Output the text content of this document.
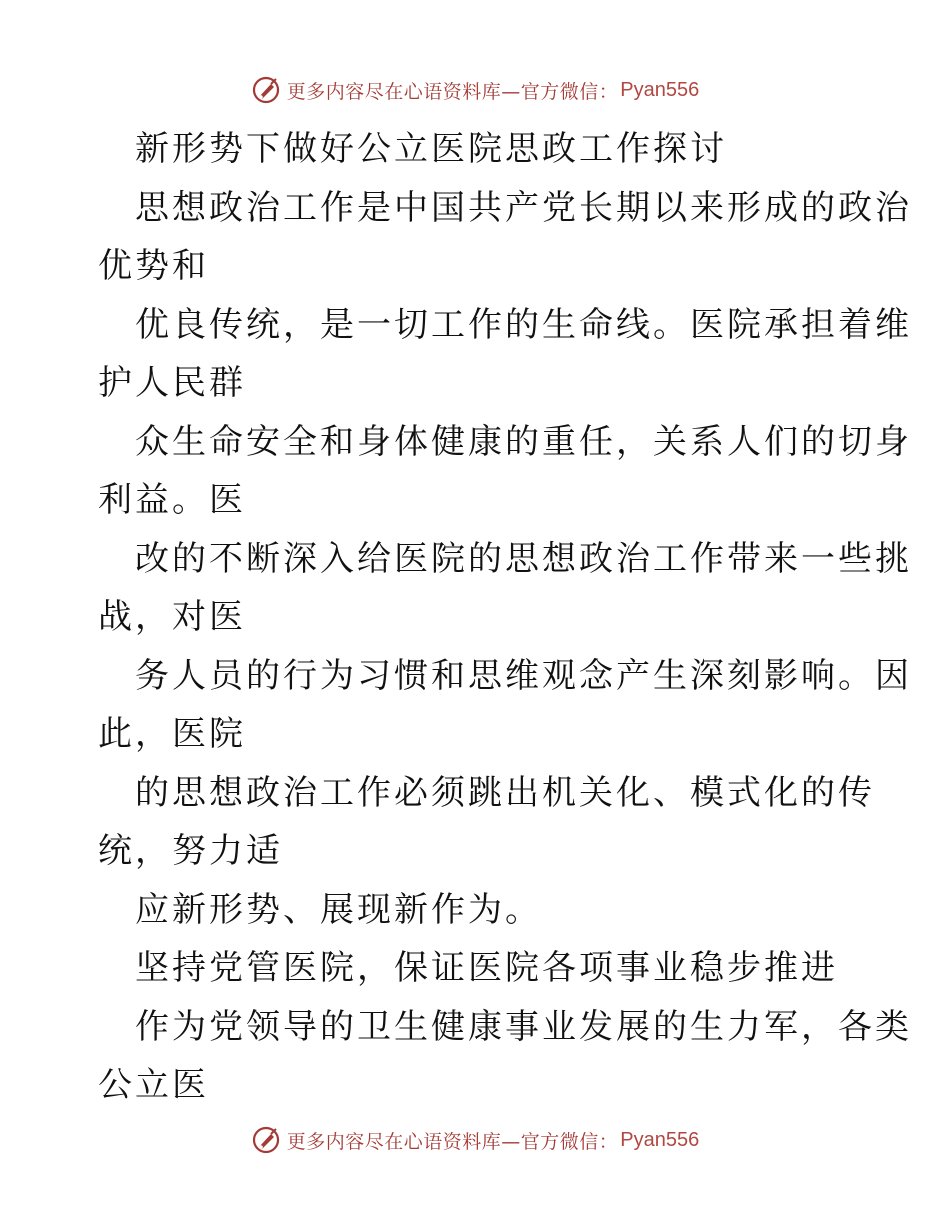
更多内容尽在心语资料库—官方微信： Pyan556
新形势下做好公立医院思政工作探讨
思想政治工作是中国共产党长期以来形成的政治
优势和
优良传统，是一切工作的生命线。医院承担着维
护人民群
众生命安全和身体健康的重任，关系人们的切身
利益。医
改的不断深入给医院的思想政治工作带来一些挑
战，对医
务人员的行为习惯和思维观念产生深刻影响。因
此，医院
的思想政治工作必须跳出机关化、模式化的传
统，努力适
应新形势、展现新作为。
坚持党管医院，保证医院各项事业稳步推进
作为党领导的卫生健康事业发展的生力军，各类
公立医
更多内容尽在心语资料库—官方微信： Pyan556
